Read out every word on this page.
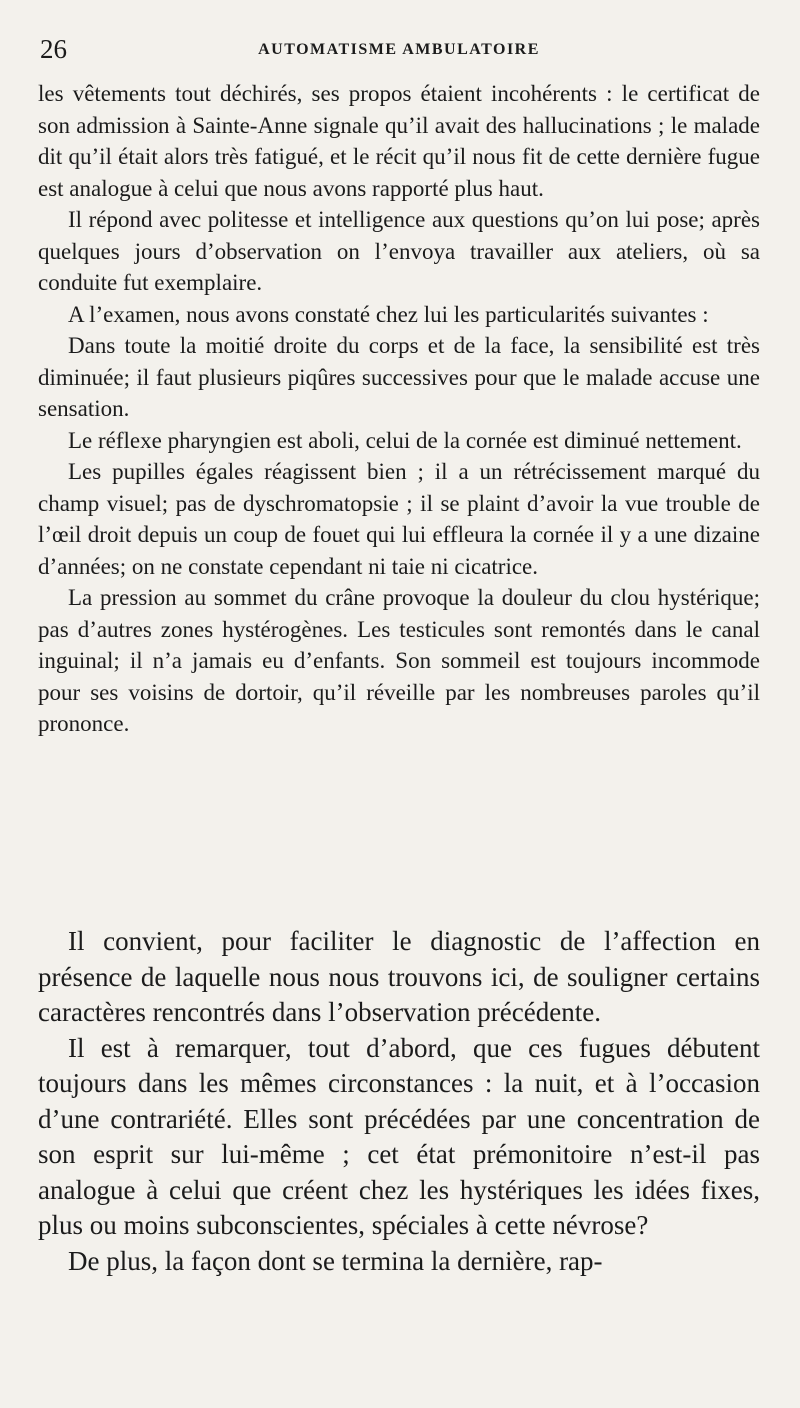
26	AUTOMATISME AMBULATOIRE

les vêtements tout déchirés, ses propos étaient incohérents : le certificat de son admission à Sainte-Anne signale qu’il avait des hallucinations ; le malade dit qu’il était alors très fatigué, et le récit qu’il nous fit de cette dernière fugue est analogue à celui que nous avons rapporté plus haut.

Il répond avec politesse et intelligence aux questions qu’on lui pose; après quelques jours d’observation on l’envoya travailler aux ateliers, où sa conduite fut exemplaire.

A l’examen, nous avons constaté chez lui les particularités suivantes :

Dans toute la moitié droite du corps et de la face, la sensibilité est très diminuée; il faut plusieurs piqûres successives pour que le malade accuse une sensation.

Le réflexe pharyngien est aboli, celui de la cornée est diminué nettement.

Les pupilles égales réagissent bien ; il a un rétrécissement marqué du champ visuel; pas de dyschromatopsie ; il se plaint d’avoir la vue trouble de l’œil droit depuis un coup de fouet qui lui effleura la cornée il y a une dizaine d’années; on ne constate cependant ni taie ni cicatrice.

La pression au sommet du crâne provoque la douleur du clou hystérique; pas d’autres zones hystérogènes. Les testicules sont remontés dans le canal inguinal; il n’a jamais eu d’enfants. Son sommeil est toujours incommode pour ses voisins de dortoir, qu’il réveille par les nombreuses paroles qu’il prononce.

Il convient, pour faciliter le diagnostic de l’affection en présence de laquelle nous nous trouvons ici, de souligner certains caractères rencontrés dans l’observation précédente.

Il est à remarquer, tout d’abord, que ces fugues débutent toujours dans les mêmes circonstances : la nuit, et à l’occasion d’une contrariété. Elles sont précédées par une concentration de son esprit sur lui-même ; cet état prémonitoire n’est-il pas analogue à celui que créent chez les hystériques les idées fixes, plus ou moins subconscientes, spéciales à cette névrose?

De plus, la façon dont se termina la dernière, rap-
